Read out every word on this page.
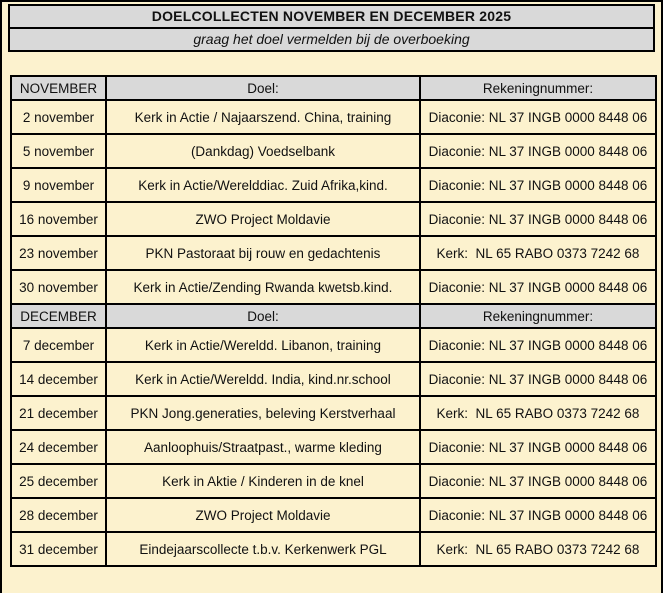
DOELCOLLECTEN NOVEMBER EN DECEMBER 2025
graag het doel vermelden bij de overboeking
NOVEMBER	Doel:	Rekeningnummer:
2 november	Kerk in Actie / Najaarszend. China, training	Diaconie: NL 37 INGB 0000 8448 06
5 november	(Dankdag) Voedselbank	Diaconie: NL 37 INGB 0000 8448 06
9 november	Kerk in Actie/Werelddiac. Zuid Afrika,kind.	Diaconie: NL 37 INGB 0000 8448 06
16 november	ZWO Project Moldavie	Diaconie: NL 37 INGB 0000 8448 06
23 november	PKN Pastoraat bij rouw en gedachtenis	Kerk:  NL 65 RABO 0373 7242 68
30 november	Kerk in Actie/Zending Rwanda kwetsb.kind.	Diaconie: NL 37 INGB 0000 8448 06
DECEMBER	Doel:	Rekeningnummer:
7 december	Kerk in Actie/Wereldd. Libanon, training	Diaconie: NL 37 INGB 0000 8448 06
14 december	Kerk in Actie/Wereldd. India, kind.nr.school	Diaconie: NL 37 INGB 0000 8448 06
21 december	PKN Jong.generaties, beleving Kerstverhaal	Kerk:  NL 65 RABO 0373 7242 68
24 december	Aanloophuis/Straatpast., warme kleding	Diaconie: NL 37 INGB 0000 8448 06
25 december	Kerk in Aktie / Kinderen in de knel	Diaconie: NL 37 INGB 0000 8448 06
28 december	ZWO Project Moldavie	Diaconie: NL 37 INGB 0000 8448 06
31 december	Eindejaarscollecte t.b.v. Kerkenwerk PGL	Kerk:  NL 65 RABO 0373 7242 68
